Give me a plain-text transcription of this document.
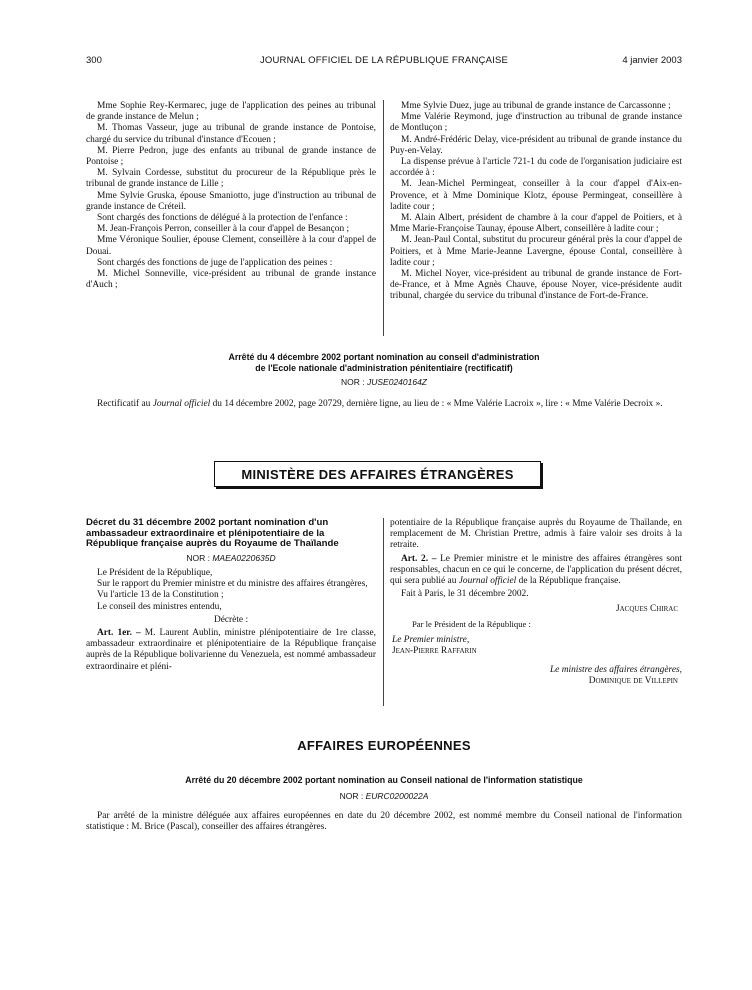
300	JOURNAL OFFICIEL DE LA RÉPUBLIQUE FRANÇAISE	4 janvier 2003

Mme Sophie Rey-Kermarec, juge de l'application des peines au tribunal de grande instance de Melun ;

M. Thomas Vasseur, juge au tribunal de grande instance de Pontoise, chargé du service du tribunal d'instance d'Ecouen ;

M. Pierre Pedron, juge des enfants au tribunal de grande instance de Pontoise ;

M. Sylvain Cordesse, substitut du procureur de la République près le tribunal de grande instance de Lille ;

Mme Sylvie Gruska, épouse Smaniotto, juge d'instruction au tribunal de grande instance de Créteil.

Sont chargés des fonctions de délégué à la protection de l'enfance :

M. Jean-François Perron, conseiller à la cour d'appel de Besançon ;

Mme Véronique Soulier, épouse Clement, conseillère à la cour d'appel de Douai.

Sont chargés des fonctions de juge de l'application des peines :

M. Michel Sonneville, vice-président au tribunal de grande instance d'Auch ;

Mme Sylvie Duez, juge au tribunal de grande instance de Carcassonne ;

Mme Valérie Reymond, juge d'instruction au tribunal de grande instance de Montluçon ;

M. André-Frédéric Delay, vice-président au tribunal de grande instance du Puy-en-Velay.

La dispense prévue à l'article 721-1 du code de l'organisation judiciaire est accordée à :

M. Jean-Michel Permingeat, conseiller à la cour d'appel d'Aix-en-Provence, et à Mme Dominique Klotz, épouse Permingeat, conseillère à ladite cour ;

M. Alain Albert, président de chambre à la cour d'appel de Poitiers, et à Mme Marie-Françoise Taunay, épouse Albert, conseillère à ladite cour ;

M. Jean-Paul Contal, substitut du procureur général près la cour d'appel de Poitiers, et à Mme Marie-Jeanne Lavergne, épouse Contal, conseillère à ladite cour ;

M. Michel Noyer, vice-président au tribunal de grande instance de Fort-de-France, et à Mme Agnès Chauve, épouse Noyer, vice-présidente audit tribunal, chargée du service du tribunal d'instance de Fort-de-France.

Arrêté du 4 décembre 2002 portant nomination au conseil d'administration
de l'Ecole nationale d'administration pénitentiaire (rectificatif)
NOR : JUSE0240164Z

Rectificatif au Journal officiel du 14 décembre 2002, page 20729, dernière ligne, au lieu de : « Mme Valérie Lacroix », lire : « Mme Valérie Decroix ».

MINISTÈRE DES AFFAIRES ÉTRANGÈRES
Décret du 31 décembre 2002 portant nomination d'un ambassadeur extraordinaire et plénipotentiaire de la République française auprès du Royaume de Thaïlande
NOR : MAEA0220635D

Le Président de la République,

Sur le rapport du Premier ministre et du ministre des affaires étrangères,

Vu l'article 13 de la Constitution ;

Le conseil des ministres entendu,

Décrète :

Art. 1er. – M. Laurent Aublin, ministre plénipotentiaire de 1re classe, ambassadeur extraordinaire et plénipotentiaire de la République française auprès de la République bolivarienne du Venezuela, est nommé ambassadeur extraordinaire et pléni-

potentiaire de la République française auprès du Royaume de Thaïlande, en remplacement de M. Christian Prettre, admis à faire valoir ses droits à la retraite.

Art. 2. – Le Premier ministre et le ministre des affaires étrangères sont responsables, chacun en ce qui le concerne, de l'application du présent décret, qui sera publié au Journal officiel de la République française.

Fait à Paris, le 31 décembre 2002.

Jacques Chirac

Par le Président de la République :

Le Premier ministre,

Jean-Pierre Raffarin

Le ministre des affaires étrangères,

Dominique de Villepin

AFFAIRES EUROPÉENNES
Arrêté du 20 décembre 2002 portant nomination au Conseil national de l'information statistique
NOR : EURC0200022A

Par arrêté de la ministre déléguée aux affaires européennes en date du 20 décembre 2002, est nommé membre du Conseil national de l'information statistique : M. Brice (Pascal), conseiller des affaires étrangères.
